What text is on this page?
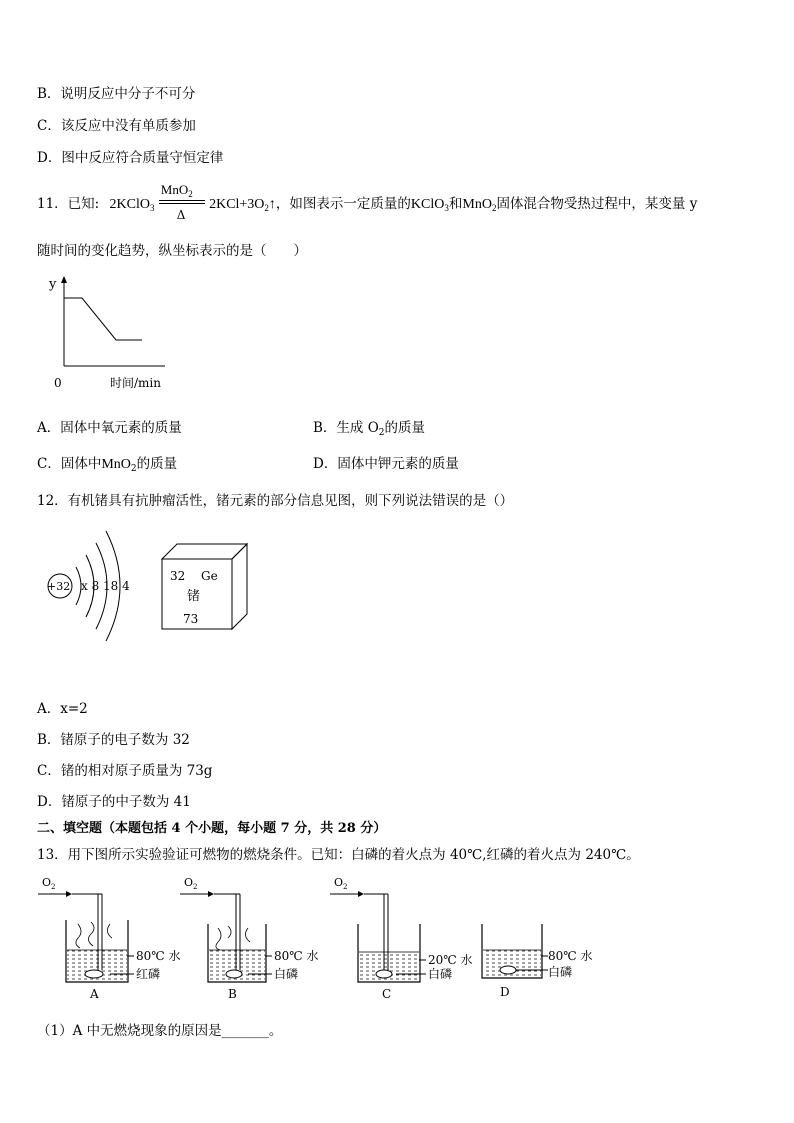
B．说明反应中分子不可分
C．该反应中没有单质参加
D．图中反应符合质量守恒定律
11．已知: 2KClO$_3$
MnO$_2$
Δ
$2KCl+3O_2↑$，如图表示一定质量的KClO$_3$和MnO$_2$固体混合物受热过程中，某变量 y
随时间的变化趋势，纵坐标表示的是（　　）
y
0	时间/min
A．固体中氧元素的质量	B．生成 $O_2$的质量
C．固体中MnO$_2$的质量	D．固体中钾元素的质量
12．有机锗具有抗肿瘤活性，锗元素的部分信息见图，则下列说法错误的是（）
+32 x 8 18 4
32 Ge
锗
73
A．x=2
B．锗原子的电子数为 32
C．锗的相对原子质量为 73g
D．锗原子的中子数为 41
二、填空题（本题包括 4 个小题，每小题 7 分，共 28 分）
13．用下图所示实验验证可燃物的燃烧条件。已知：白磷的着火点为 40℃,红磷的着火点为 240℃。
$O_2$
80℃ 水
红磷
A
$O_2$
80℃ 水
白磷
B
$O_2$
20℃ 水
白磷
C
80℃ 水
白磷
D
（1）A 中无燃烧现象的原因是_______。
